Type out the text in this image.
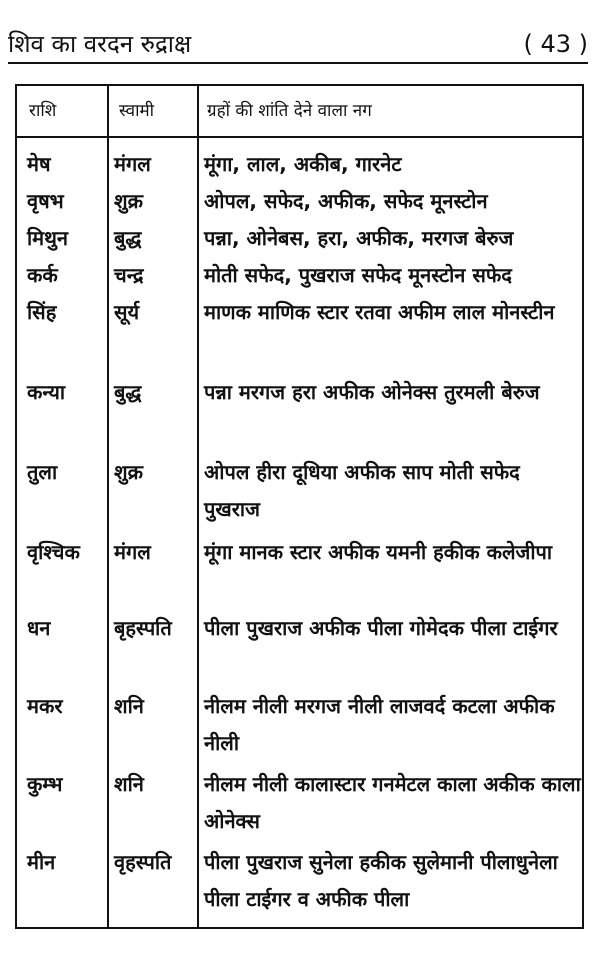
शिव का वरदन रुद्राक्ष	( 43 )
राशि	स्वामी	ग्रहों की शांति देने वाला नग
मेष	मंगल	मूंगा, लाल, अकीब, गारनेट
वृषभ	शुक्र	ओपल, सफेद, अफीक, सफेद मूनस्टोन
मिथुन	बुद्ध	पन्ना, ओनेबस, हरा, अफीक, मरगज बेरुज
कर्क	चन्द्र	मोती सफेद, पुखराज सफेद मूनस्टोन सफेद
सिंह	सूर्य	माणक माणिक स्टार रतवा अफीम लाल मोनस्टीन
कन्या	बुद्ध	पन्ना मरगज हरा अफीक ओनेक्स तुरमली बेरुज
तुला	शुक्र	ओपल हीरा दूधिया अफीक साप मोती सफेद पुखराज
वृश्चिक	मंगल	मूंगा मानक स्टार अफीक यमनी हकीक कलेजीपा
धन	बृहस्पति	पीला पुखराज अफीक पीला गोमेदक पीला टाईगर
मकर	शनि	नीलम नीली मरगज नीली लाजवर्द कटला अफीक नीली
कुम्भ	शनि	नीलम नीली कालास्टार गनमेटल काला अकीक काला ओनेक्स
मीन	वृहस्पति	पीला पुखराज सुनेला हकीक सुलेमानी पीलाधुनेला पीला टाईगर व अफीक पीला
